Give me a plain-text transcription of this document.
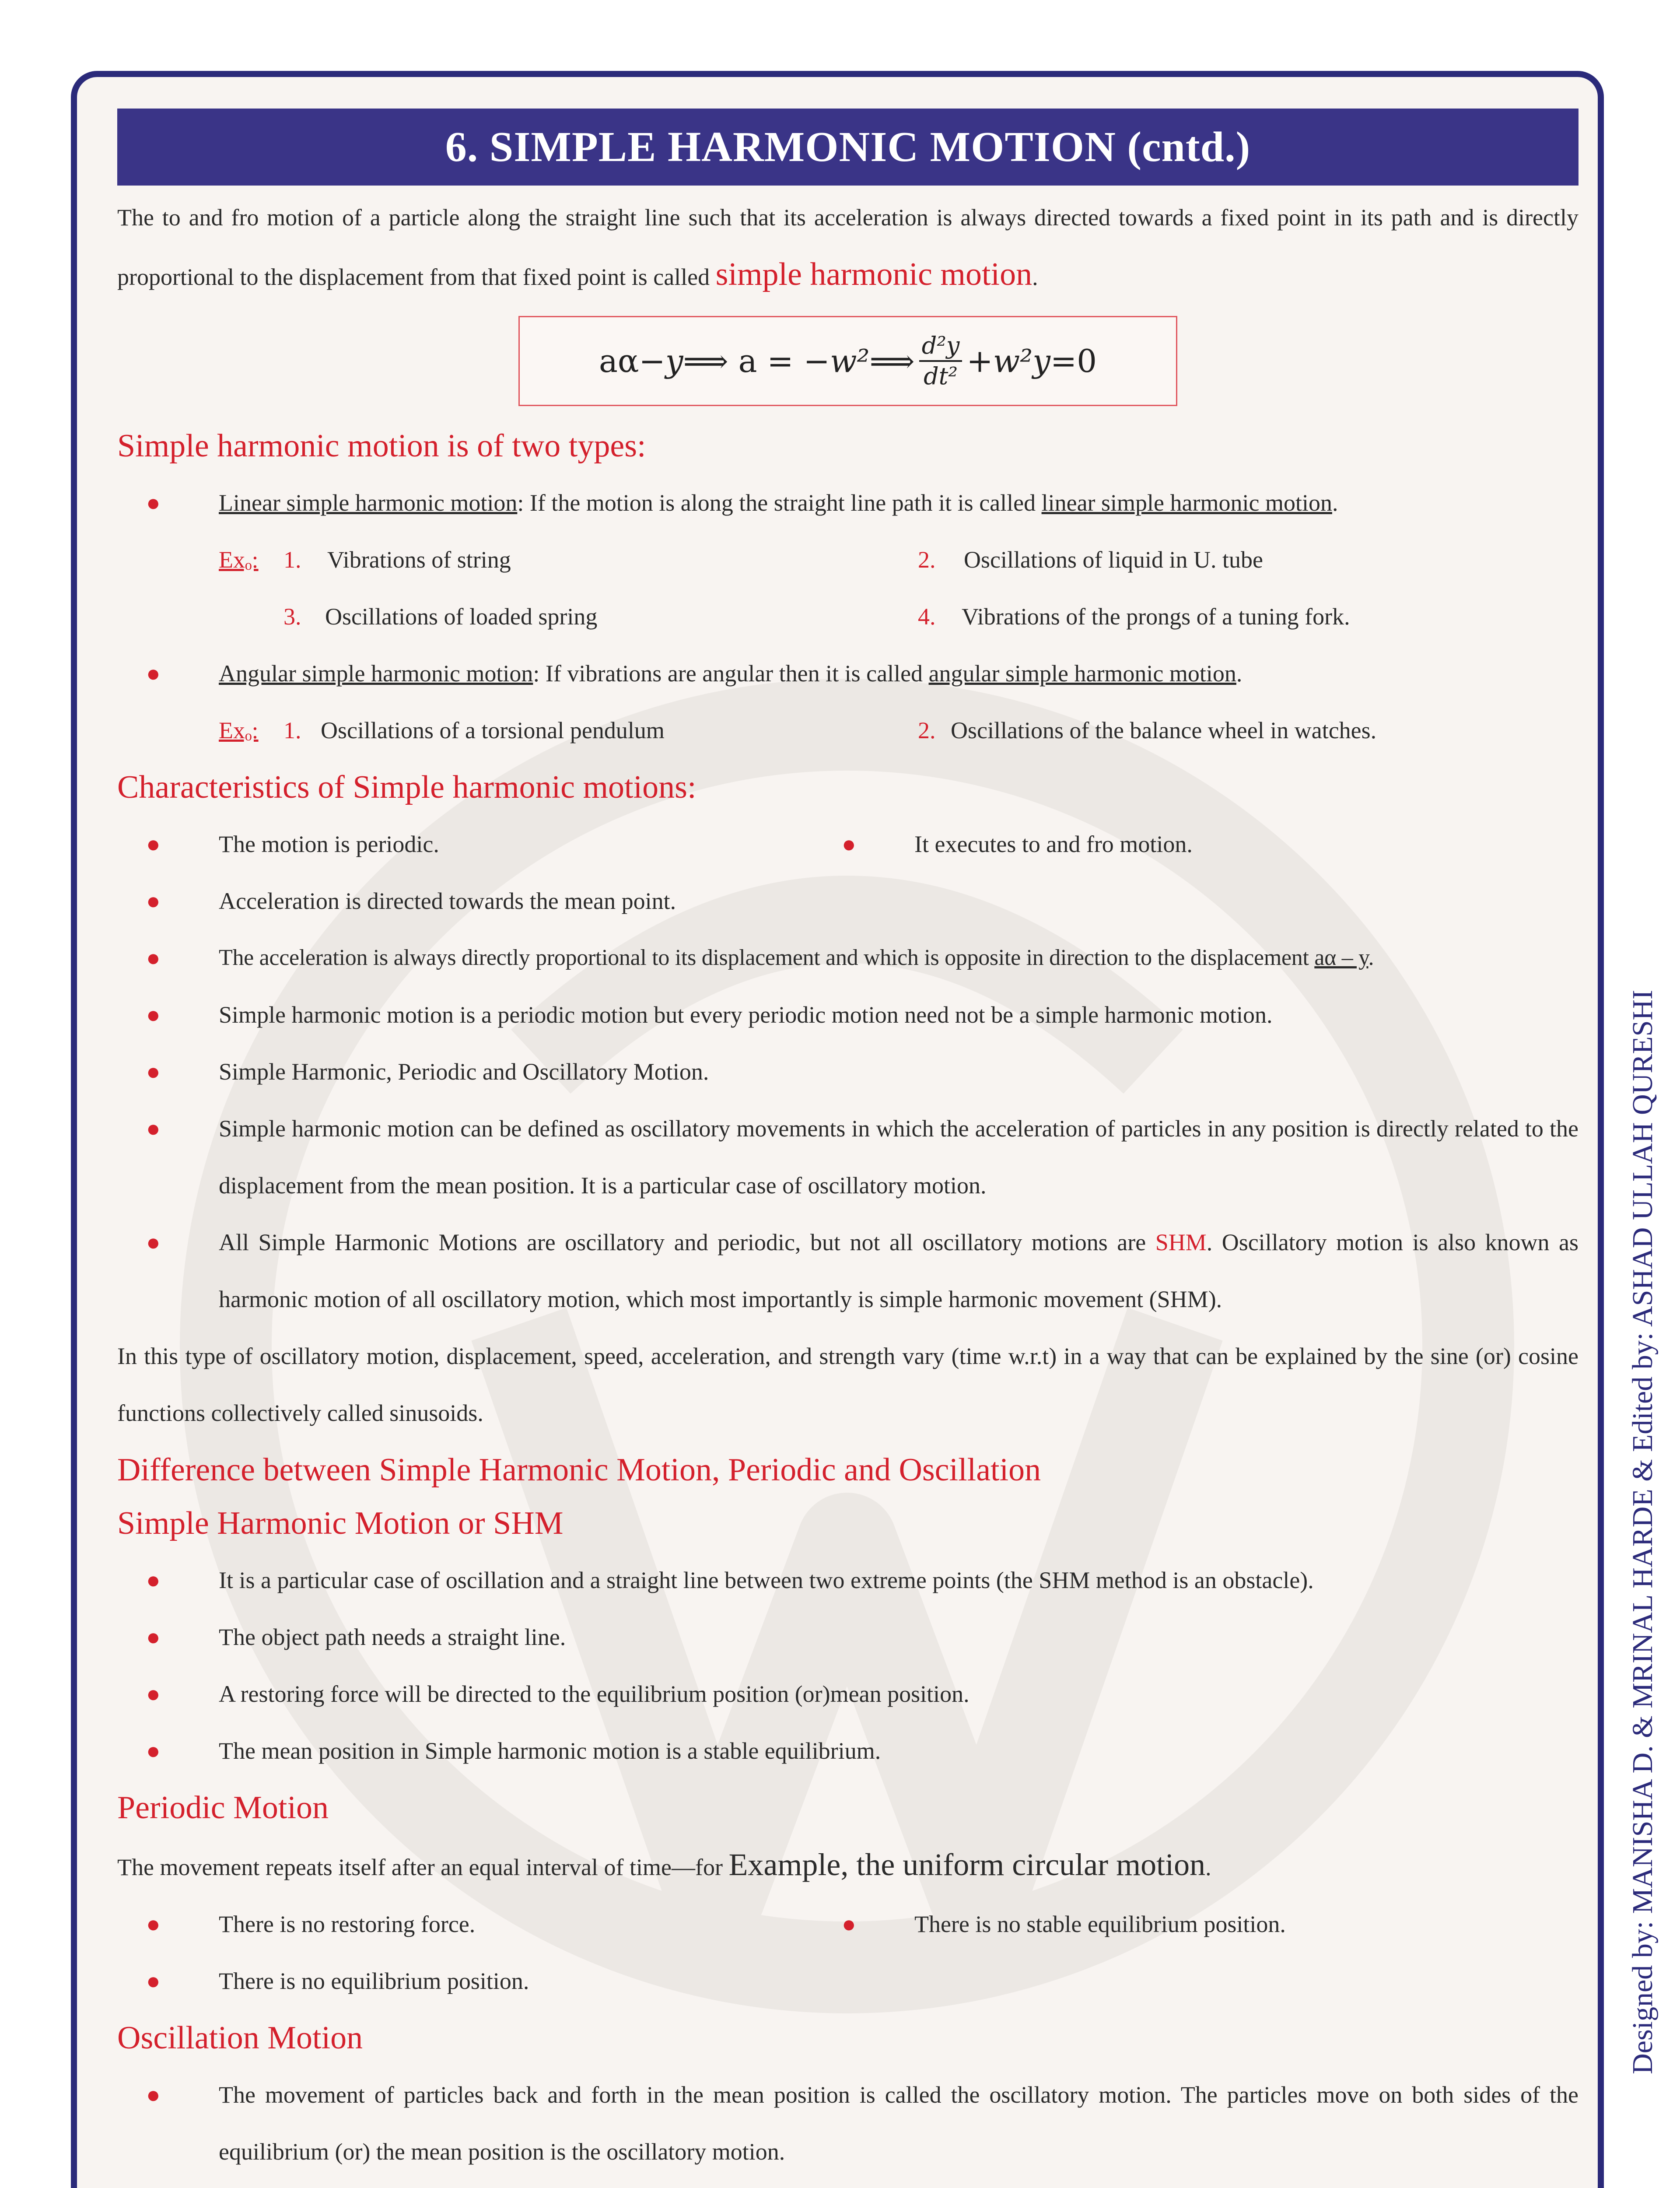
6. SIMPLE HARMONIC MOTION (cntd.)

The to and fro motion of a particle along the straight line such that its acceleration is always directed towards a fixed point in its path and is directly proportional to the displacement from that fixed point is called simple harmonic motion.

aα− y ⟹ a = − w² ⟹ $\frac{\text{d²y}}{\text{dt²}} + w^2y =0$

Simple harmonic motion is of two types:

● Linear simple harmonic motion: If the motion is along the straight line path it is called linear simple harmonic motion.
Exₒ: 1. Vibrations of string	2. Oscillations of liquid in U. tube
3. Oscillations of loaded spring	4. Vibrations of the prongs of a tuning fork.
● Angular simple harmonic motion: If vibrations are angular then it is called angular simple harmonic motion.
Exₒ: 1. Oscillations of a torsional pendulum	2. Oscillations of the balance wheel in watches.

Characteristics of Simple harmonic motions:

● The motion is periodic.	● It executes to and fro motion.
● Acceleration is directed towards the mean point.
●	The acceleration is always directly proportional to its displacement and which is opposite in direction to the displacement aα – y.
● Simple harmonic motion is a periodic motion but every periodic motion need not be a simple harmonic motion.
● Simple Harmonic, Periodic and Oscillatory Motion.
● Simple harmonic motion can be defined as oscillatory movements in which the acceleration of particles in any position is directly related to the displacement from the mean position. It is a particular case of oscillatory motion.
● All Simple Harmonic Motions are oscillatory and periodic, but not all oscillatory motions are SHM. Oscillatory motion is also known as harmonic motion of all oscillatory motion, which most importantly is simple harmonic movement (SHM).

In this type of oscillatory motion, displacement, speed, acceleration, and strength vary (time w.r.t) in a way that can be explained by the sine (or) cosine functions collectively called sinusoids.

Difference between Simple Harmonic Motion, Periodic and Oscillation

Simple Harmonic Motion or SHM

● It is a particular case of oscillation and a straight line between two extreme points (the SHM method is an obstacle).
● The object path needs a straight line.
● A restoring force will be directed to the equilibrium position (or)mean position.
● The mean position in Simple harmonic motion is a stable equilibrium.

Periodic Motion

The movement repeats itself after an equal interval of time—for Example, the uniform circular motion.

● There is no restoring force.	● There is no stable equilibrium position.
● There is no equilibrium position.

Oscillation Motion

● The movement of particles back and forth in the mean position is called the oscillatory motion. The particles move on both sides of the equilibrium (or) the mean position is the oscillatory motion.

Designed by: MANISHA D. & MRINAL HARDE & Edited by: ASHAD ULLAH QURESHI
